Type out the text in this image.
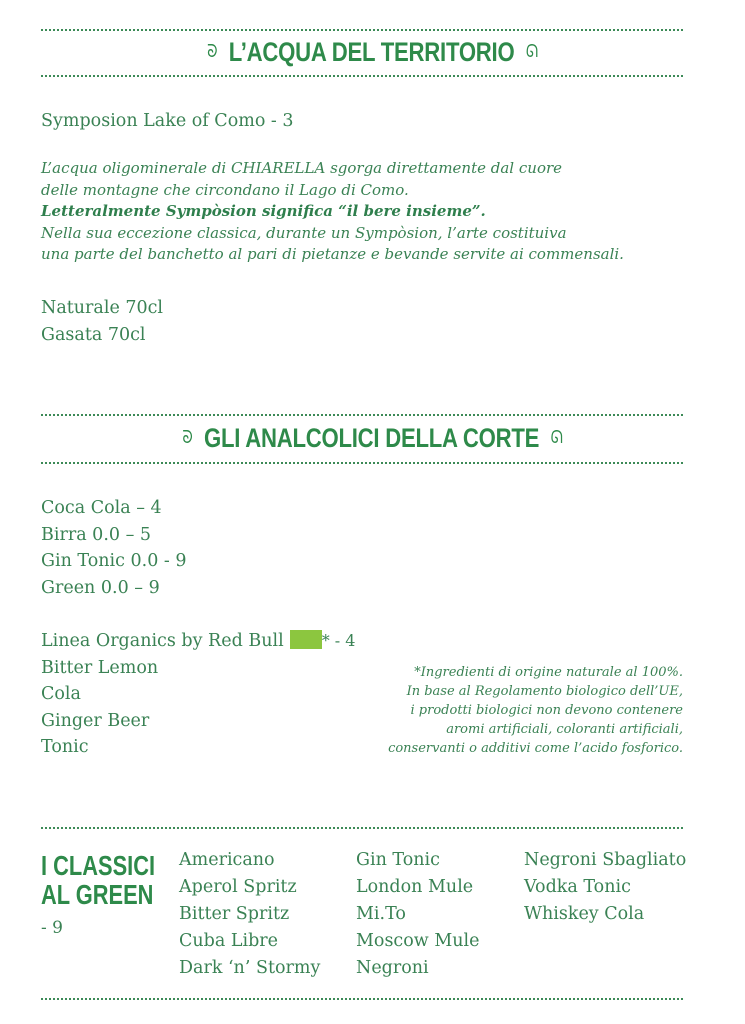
ᘐ L’ACQUA DEL TERRITORIO ᘏ
Symposion Lake of Como - 3
L’acqua oligominerale di CHIARELLA sgorga direttamente dal cuore
delle montagne che circondano il Lago di Como.
Letteralmente Sympòsion significa “il bere insieme”.
Nella sua eccezione classica, durante un Sympòsion, l’arte costituiva
una parte del banchetto al pari di pietanze e bevande servite ai commensali.
Naturale 70cl
Gasata 70cl
ᘐ GLI ANALCOLICI DELLA CORTE ᘏ
Coca Cola – 4
Birra 0.0 – 5
Gin Tonic 0.0 - 9
Green 0.0 – 9
Linea Organics by Red Bull * - 4
Bitter Lemon
Cola
Ginger Beer
Tonic
*Ingredienti di origine naturale al 100%.
In base al Regolamento biologico dell’UE,
i prodotti biologici non devono contenere
aromi artificiali, coloranti artificiali,
conservanti o additivi come l’acido fosforico.
I CLASSICI
AL GREEN
- 9
Americano
Aperol Spritz
Bitter Spritz
Cuba Libre
Dark ‘n’ Stormy
Gin Tonic
London Mule
Mi.To
Moscow Mule
Negroni
Negroni Sbagliato
Vodka Tonic
Whiskey Cola
